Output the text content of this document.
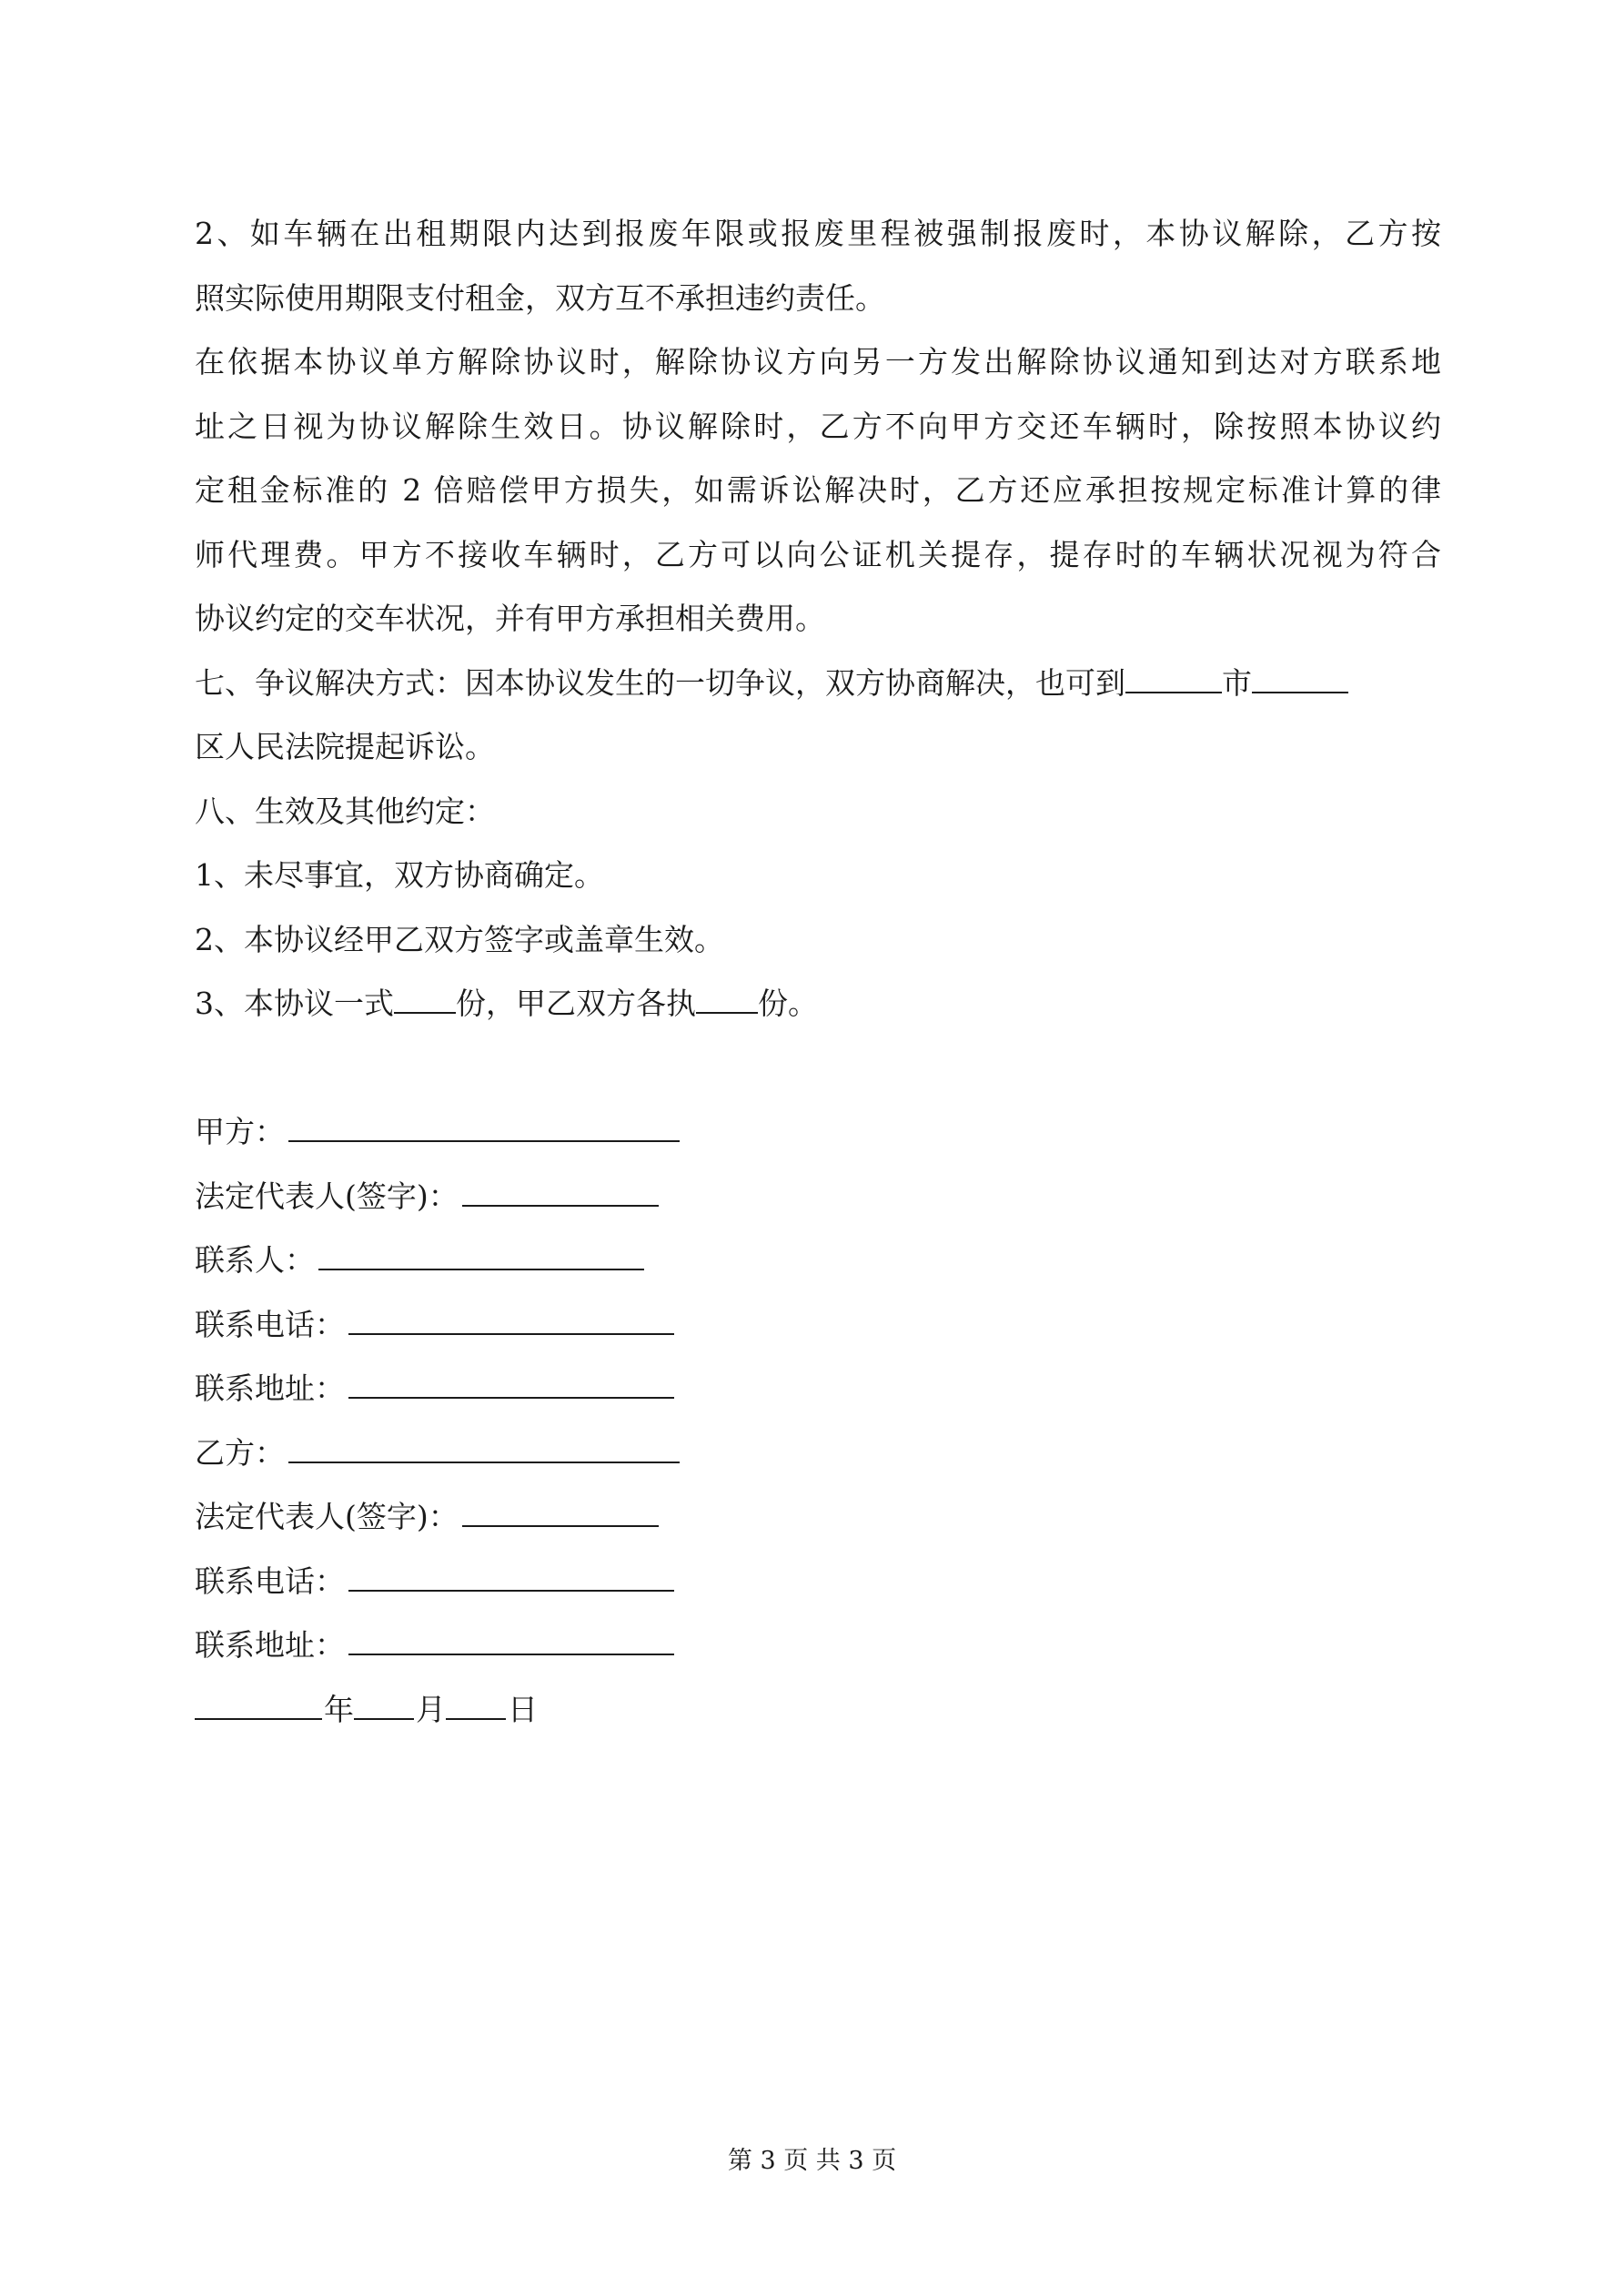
2、如车辆在出租期限内达到报废年限或报废里程被强制报废时，本协议解除，乙方按
照实际使用期限支付租金，双方互不承担违约责任。
在依据本协议单方解除协议时，解除协议方向另一方发出解除协议通知到达对方联系地
址之日视为协议解除生效日。协议解除时，乙方不向甲方交还车辆时，除按照本协议约
定租金标准的 2 倍赔偿甲方损失，如需诉讼解决时，乙方还应承担按规定标准计算的律
师代理费。甲方不接收车辆时，乙方可以向公证机关提存，提存时的车辆状况视为符合
协议约定的交车状况，并有甲方承担相关费用。
七、争议解决方式：因本协议发生的一切争议，双方协商解决，也可到	市
区人民法院提起诉讼。
八、生效及其他约定：
1、未尽事宜，双方协商确定。
2、本协议经甲乙双方签字或盖章生效。
3、本协议一式 份，甲乙双方各执 份。
甲方：
法定代表人(签字)：
联系人：
联系电话：
联系地址：
乙方：
法定代表人(签字)：
联系电话：
联系地址：
年 月 日
第 3 页 共 3 页
